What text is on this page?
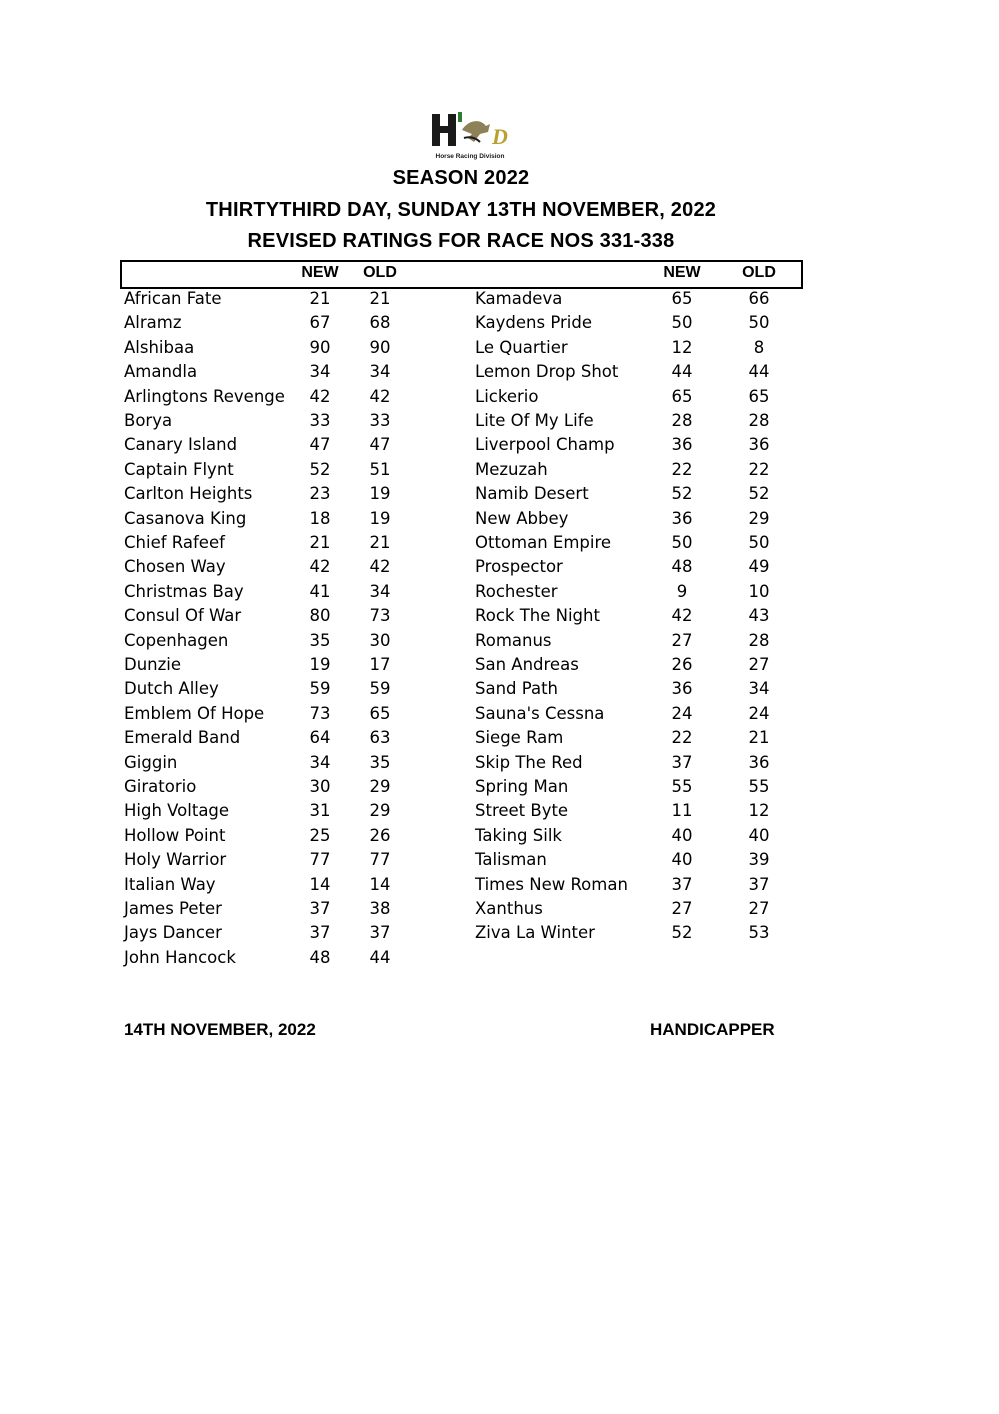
D
Horse Racing Division
SEASON 2022
THIRTYTHIRD DAY, SUNDAY 13TH NOVEMBER, 2022
REVISED RATINGS FOR RACE NOS 331-338
NEW	OLD	NEW	OLD
African Fate	21	21
Alramz	67	68
Alshibaa	90	90
Amandla	34	34
Arlingtons Revenge	42	42
Borya	33	33
Canary Island	47	47
Captain Flynt	52	51
Carlton Heights	23	19
Casanova King	18	19
Chief Rafeef	21	21
Chosen Way	42	42
Christmas Bay	41	34
Consul Of War	80	73
Copenhagen	35	30
Dunzie	19	17
Dutch Alley	59	59
Emblem Of Hope	73	65
Emerald Band	64	63
Giggin	34	35
Giratorio	30	29
High Voltage	31	29
Hollow Point	25	26
Holy Warrior	77	77
Italian Way	14	14
James Peter	37	38
Jays Dancer	37	37
John Hancock	48	44
Kamadeva	65	66
Kaydens Pride	50	50
Le Quartier	12	8
Lemon Drop Shot	44	44
Lickerio	65	65
Lite Of My Life	28	28
Liverpool Champ	36	36
Mezuzah	22	22
Namib Desert	52	52
New Abbey	36	29
Ottoman Empire	50	50
Prospector	48	49
Rochester	9	10
Rock The Night	42	43
Romanus	27	28
San Andreas	26	27
Sand Path	36	34
Sauna's Cessna	24	24
Siege Ram	22	21
Skip The Red	37	36
Spring Man	55	55
Street Byte	11	12
Taking Silk	40	40
Talisman	40	39
Times New Roman	37	37
Xanthus	27	27
Ziva La Winter	52	53
14TH NOVEMBER, 2022	HANDICAPPER
